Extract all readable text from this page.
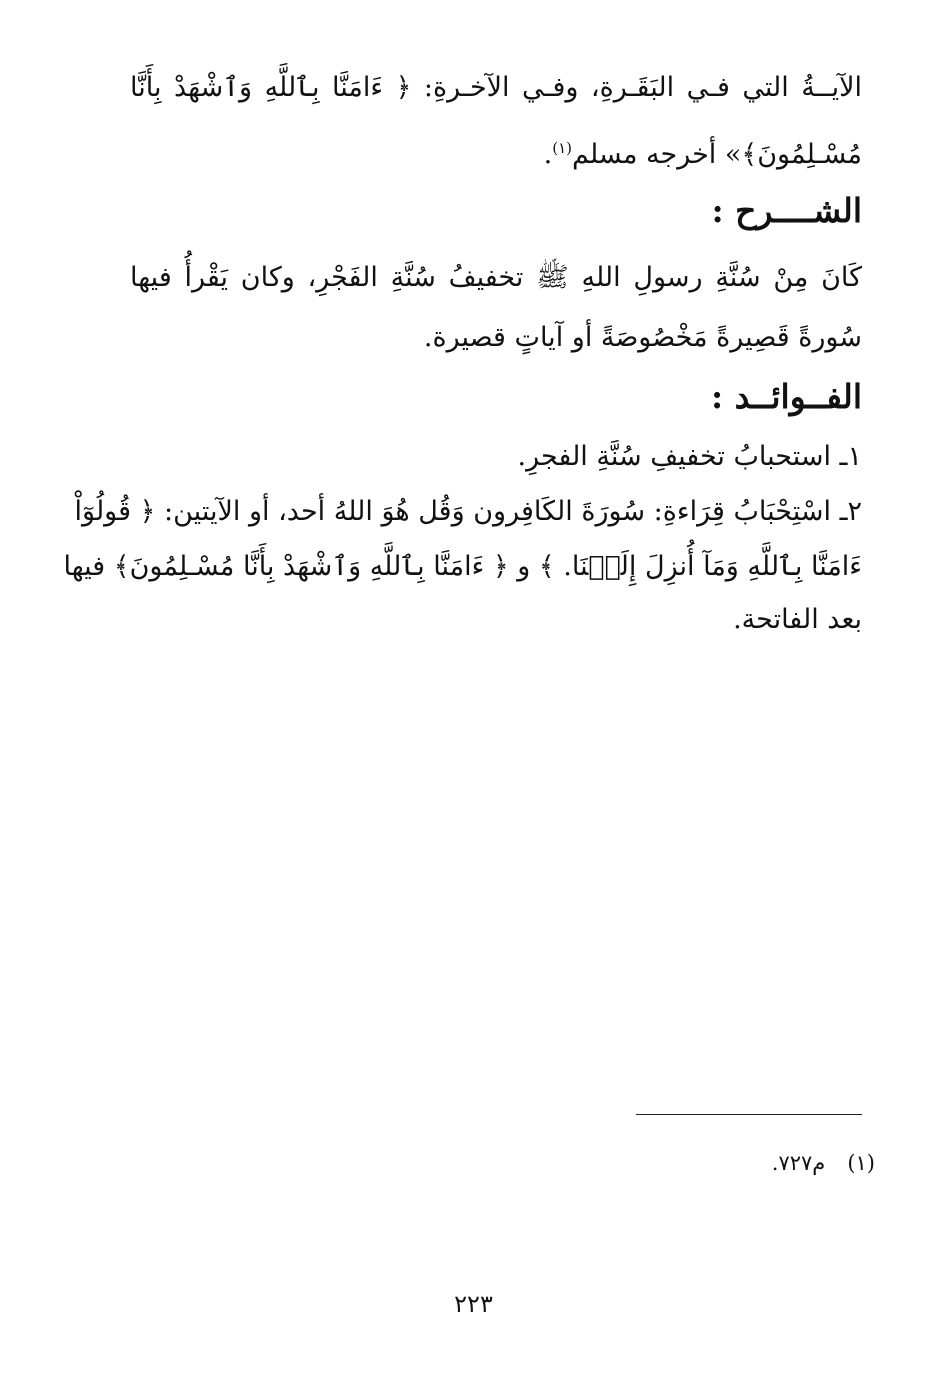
الآيــةُ التي فـي البَقَـرةِ، وفـي الآخـرةِ: ﴿ ءَامَنَّا بِٱللَّهِ وَٱشْهَدْ بِأَنَّا
مُسْـلِمُونَ﴾» أخرجه مسلم$^{(١)}$.
الشــــرح :
كَانَ مِنْ سُنَّةِ رسولِ اللهِ ﷺ تخفيفُ سُنَّةِ الفَجْرِ، وكان يَقْرأُ فيها
سُورةً قَصِيرةً مَخْصُوصَةً أو آياتٍ قصيرة.
الفــوائــد :
١ـ استحبابُ تخفيفِ سُنَّةِ الفجرِ.
٢ـ اسْتِحْبَابُ قِرَاءةِ: سُورَةَ الكَافِرون وَقُل هُوَ اللهُ أحد، أو الآيتين: ﴿ قُولُوٓاْ
ءَامَنَّا بِٱللَّهِ وَمَآ أُنزِلَ إِلَيۡنَا. ﴾ و ﴿ ءَامَنَّا بِٱللَّهِ وَٱشْهَدْ بِأَنَّا مُسْـلِمُونَ﴾ فيها
بعد الفاتحة.
(١)م٧٢٧.
٢٢٣
